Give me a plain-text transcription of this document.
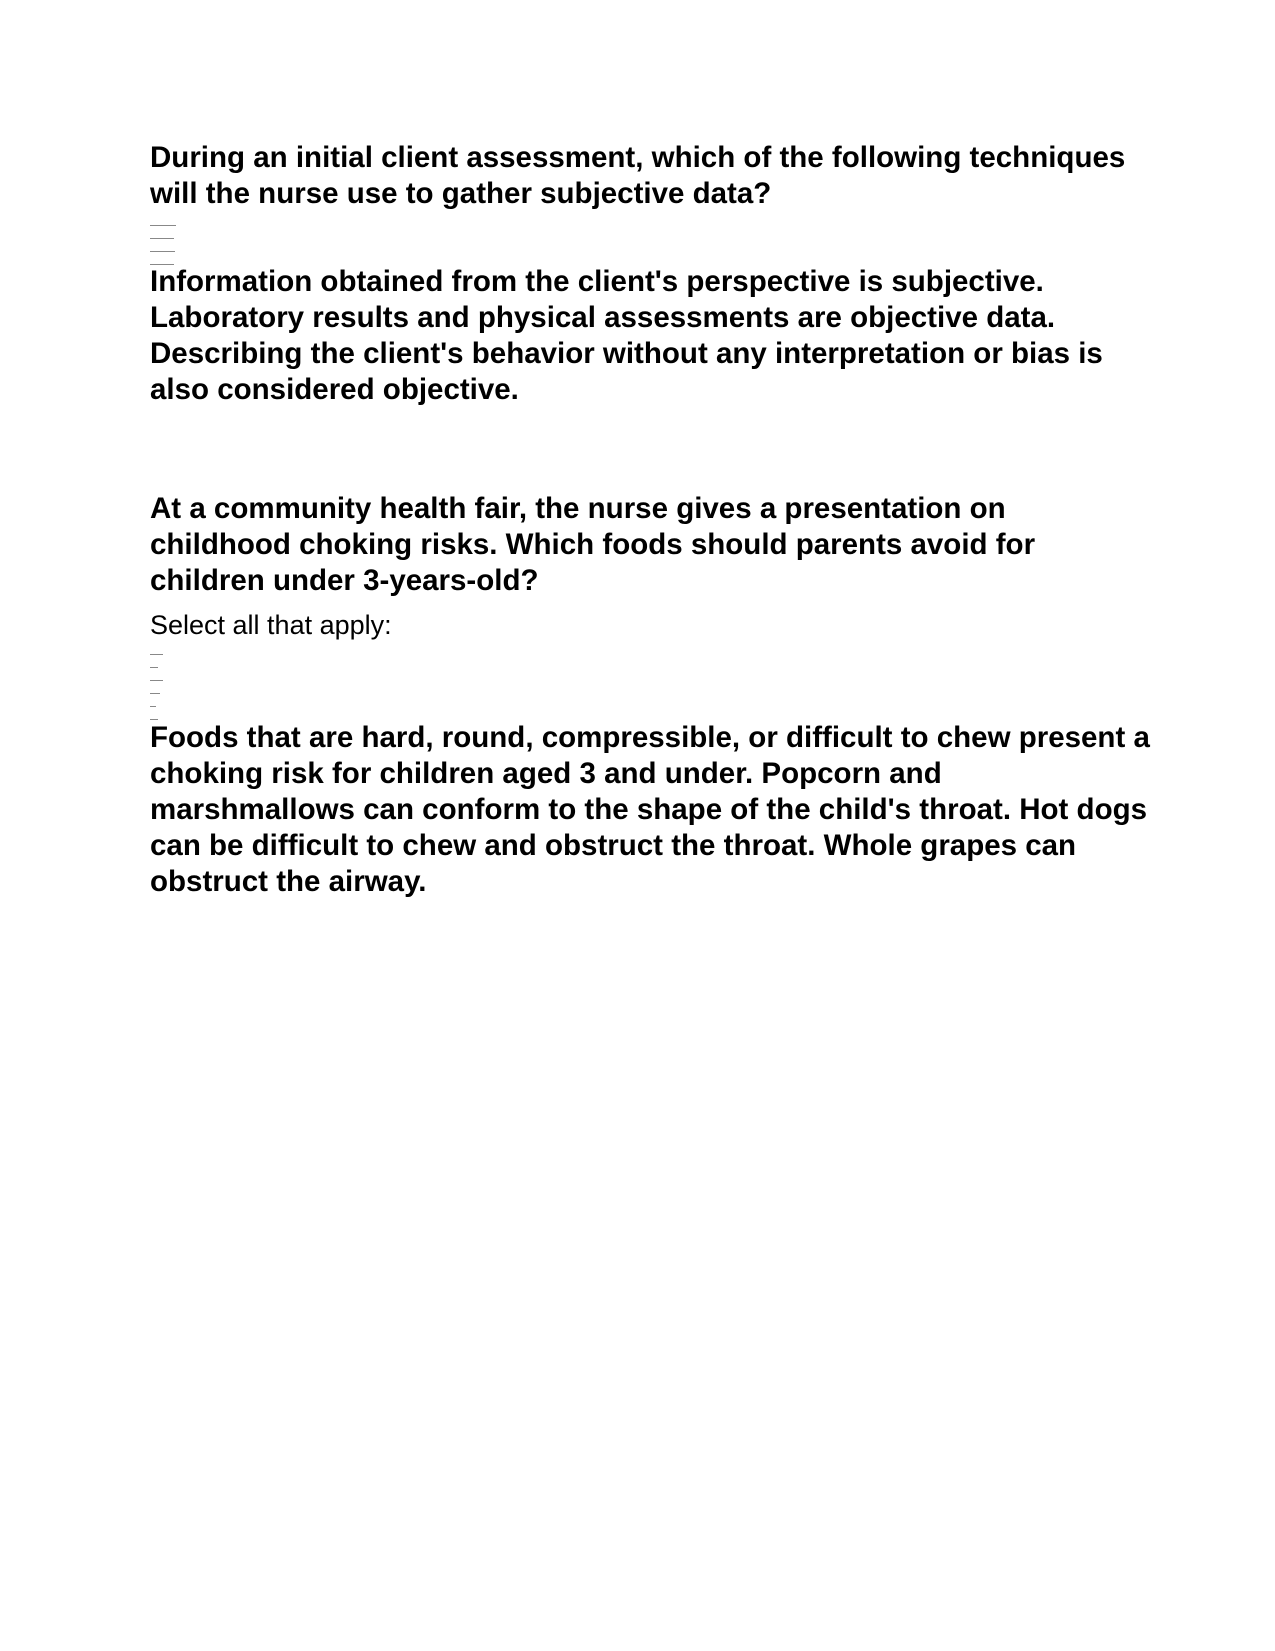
During an initial client assessment, which of the following techniques will the nurse use to gather subjective data?

Information obtained from the client's perspective is subjective. Laboratory results and physical assessments are objective data. Describing the client's behavior without any interpretation or bias is also considered objective.

At a community health fair, the nurse gives a presentation on childhood choking risks. Which foods should parents avoid for children under 3-years-old?

Select all that apply:

Foods that are hard, round, compressible, or difficult to chew present a choking risk for children aged 3 and under. Popcorn and marshmallows can conform to the shape of the child's throat. Hot dogs can be difficult to chew and obstruct the throat. Whole grapes can obstruct the airway.
